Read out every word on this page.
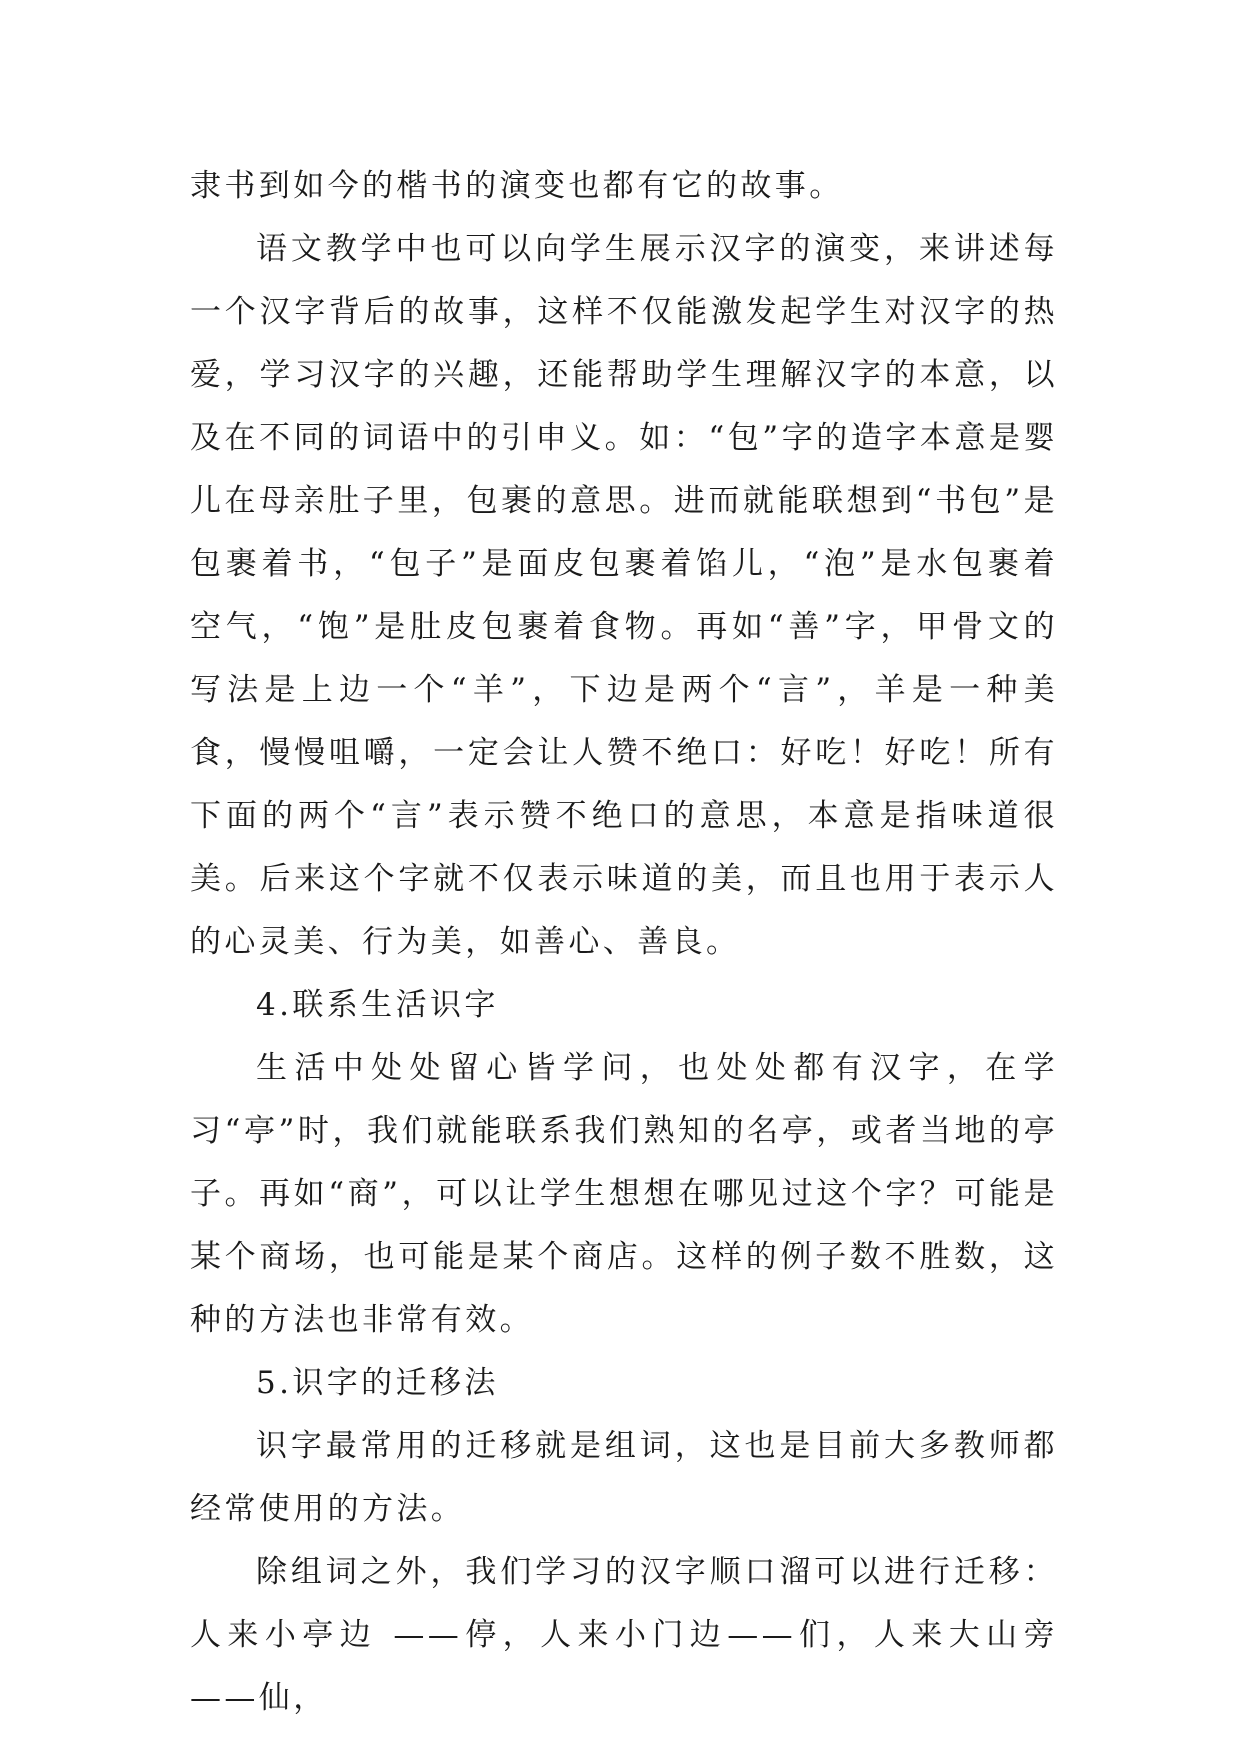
隶书到如今的楷书的演变也都有它的故事。

语文教学中也可以向学生展示汉字的演变，来讲述每一个汉字背后的故事，这样不仅能激发起学生对汉字的热爱，学习汉字的兴趣，还能帮助学生理解汉字的本意，以及在不同的词语中的引申义。如：“包”字的造字本意是婴儿在母亲肚子里，包裹的意思。进而就能联想到“书包”是包裹着书，“包子”是面皮包裹着馅儿，“泡”是水包裹着空气，“饱”是肚皮包裹着食物。再如“善”字，甲骨文的写法是上边一个“羊”，下边是两个“言”，羊是一种美食，慢慢咀嚼，一定会让人赞不绝口：好吃！好吃！所有下面的两个“言”表示赞不绝口的意思，本意是指味道很美。后来这个字就不仅表示味道的美，而且也用于表示人的心灵美、行为美，如善心、善良。

4.联系生活识字

生活中处处留心皆学问，也处处都有汉字，在学习“亭”时，我们就能联系我们熟知的名亭，或者当地的亭子。再如“商”，可以让学生想想在哪见过这个字？可能是某个商场，也可能是某个商店。这样的例子数不胜数，这种的方法也非常有效。

5.识字的迁移法

识字最常用的迁移就是组词，这也是目前大多教师都经常使用的方法。

除组词之外，我们学习的汉字顺口溜可以进行迁移：人来小亭边 ——停，人来小门边——们，人来大山旁——仙，
